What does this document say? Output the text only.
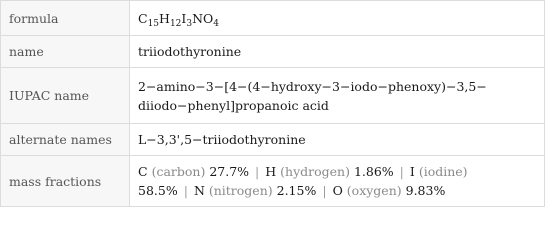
formula	$C_{15}H_{12}I_3NO_4$
name	triiodothyronine
IUPAC name	2−amino−3−[4−(4−hydroxy−3−iodo−phenoxy)−3,5−
diiodo−phenyl]propanoic acid
alternate names	L−3,3',5−triiodothyronine
mass fractions	C (carbon) 27.7% | H (hydrogen) 1.86% | I (iodine)
58.5% | N (nitrogen) 2.15% | O (oxygen) 9.83%
